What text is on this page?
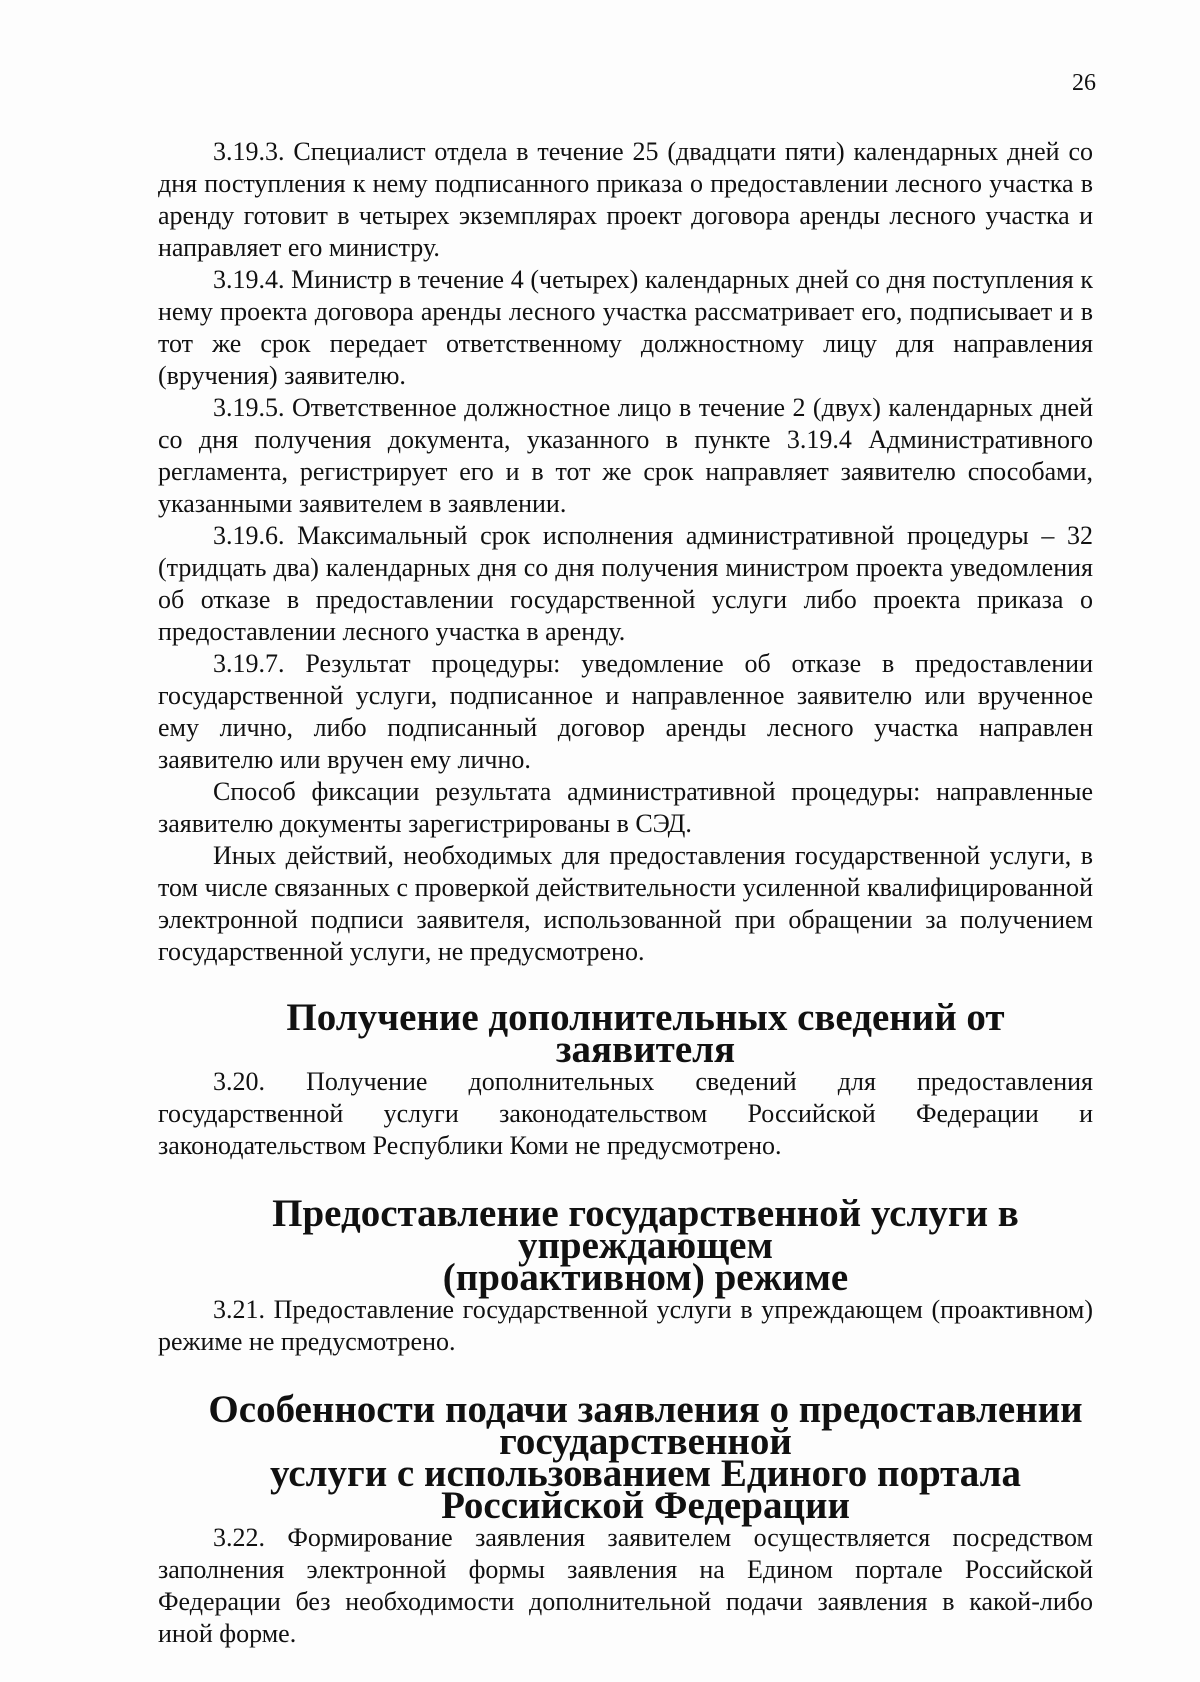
26

3.19.3. Специалист отдела в течение 25 (двадцати пяти) календарных дней со дня поступления к нему подписанного приказа о предоставлении лесного участка в аренду готовит в четырех экземплярах проект договора аренды лесного участка и направляет его министру.

3.19.4. Министр в течение 4 (четырех) календарных дней со дня поступления к нему проекта договора аренды лесного участка рассматривает его, подписывает и в тот же срок передает ответственному должностному лицу для направления (вручения) заявителю.

3.19.5. Ответственное должностное лицо в течение 2 (двух) календарных дней со дня получения документа, указанного в пункте 3.19.4 Административного регламента, регистрирует его и в тот же срок направляет заявителю способами, указанными заявителем в заявлении.

3.19.6. Максимальный срок исполнения административной процедуры – 32 (тридцать два) календарных дня со дня получения министром проекта уведомления об отказе в предоставлении государственной услуги либо проекта приказа о предоставлении лесного участка в аренду.

3.19.7. Результат процедуры: уведомление об отказе в предоставлении государственной услуги, подписанное и направленное заявителю или врученное ему лично, либо подписанный договор аренды лесного участка направлен заявителю или вручен ему лично.

Способ фиксации результата административной процедуры: направленные заявителю документы зарегистрированы в СЭД.

Иных действий, необходимых для предоставления государственной услуги, в том числе связанных с проверкой действительности усиленной квалифицированной электронной подписи заявителя, использованной при обращении за получением государственной услуги, не предусмотрено.

Получение дополнительных сведений от заявителя

3.20. Получение дополнительных сведений для предоставления государственной услуги законодательством Российской Федерации и законодательством Республики Коми не предусмотрено.

Предоставление государственной услуги в упреждающем
(проактивном) режиме

3.21. Предоставление государственной услуги в упреждающем (проактивном) режиме не предусмотрено.

Особенности подачи заявления о предоставлении государственной
услуги с использованием Единого портала Российской Федерации

3.22. Формирование заявления заявителем осуществляется посредством заполнения электронной формы заявления на Едином портале Российской Федерации без необходимости дополнительной подачи заявления в какой-либо иной форме.
